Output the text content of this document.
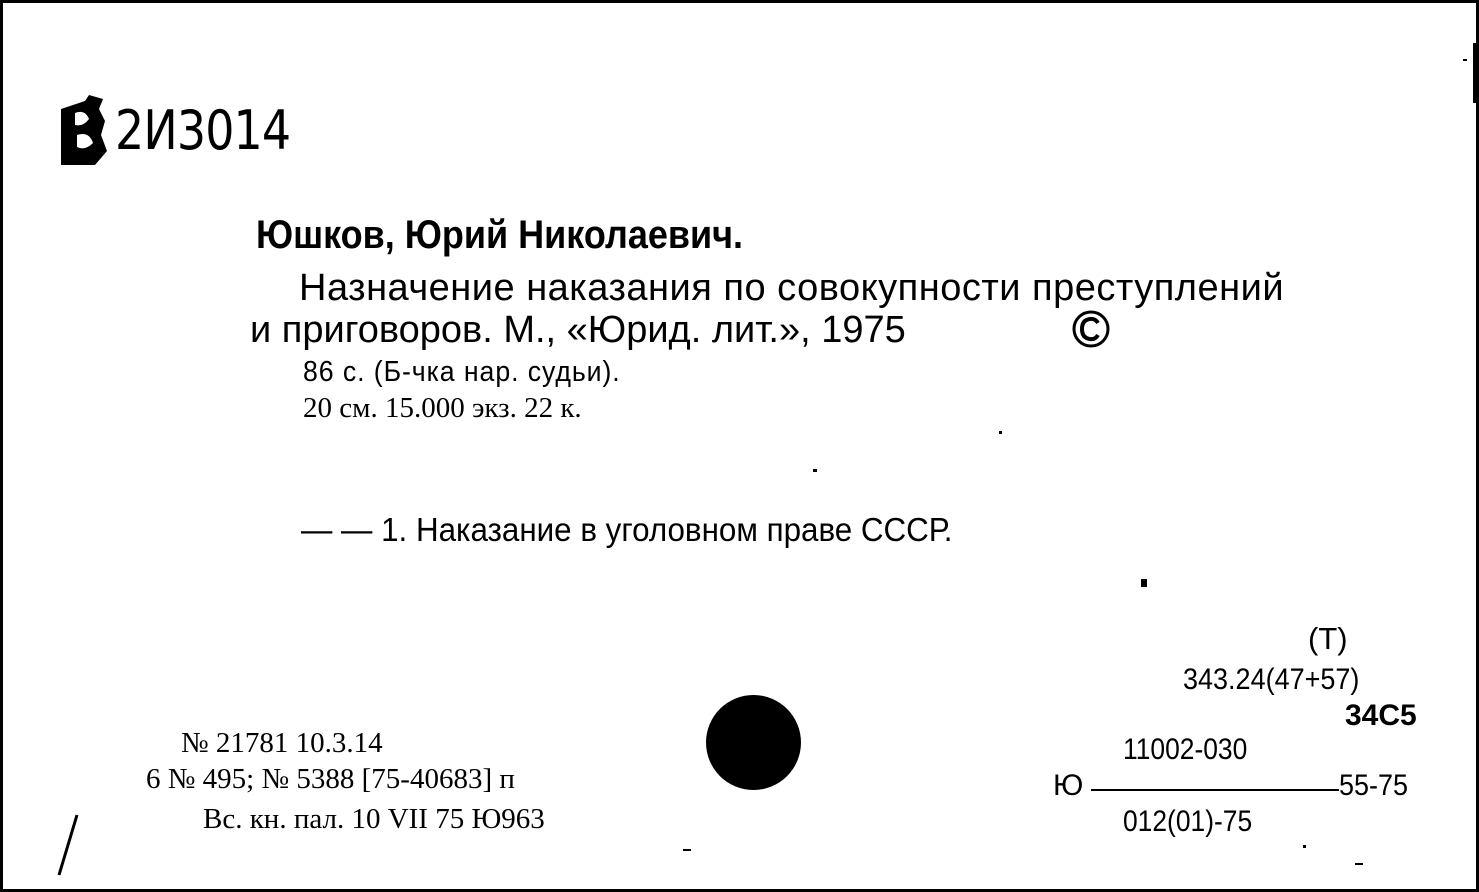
2И3014
Юшков, Юрий Николаевич.
Назначение наказания по совокупности преступлений
и приговоров. М., «Юрид. лит.», 1975
86 с. (Б-чка нар. судьи).
20 см. 15.000 экз. 22 к.
— — 1. Наказание в уголовном праве СССР.
№ 21781 10.3.14
6 № 495; № 5388 [75-40683] п
Вс. кн. пал. 10 VII 75 Ю963
(Т)
343.24(47+57)
34С5
11002-030
Ю	55-75
012(01)-75
